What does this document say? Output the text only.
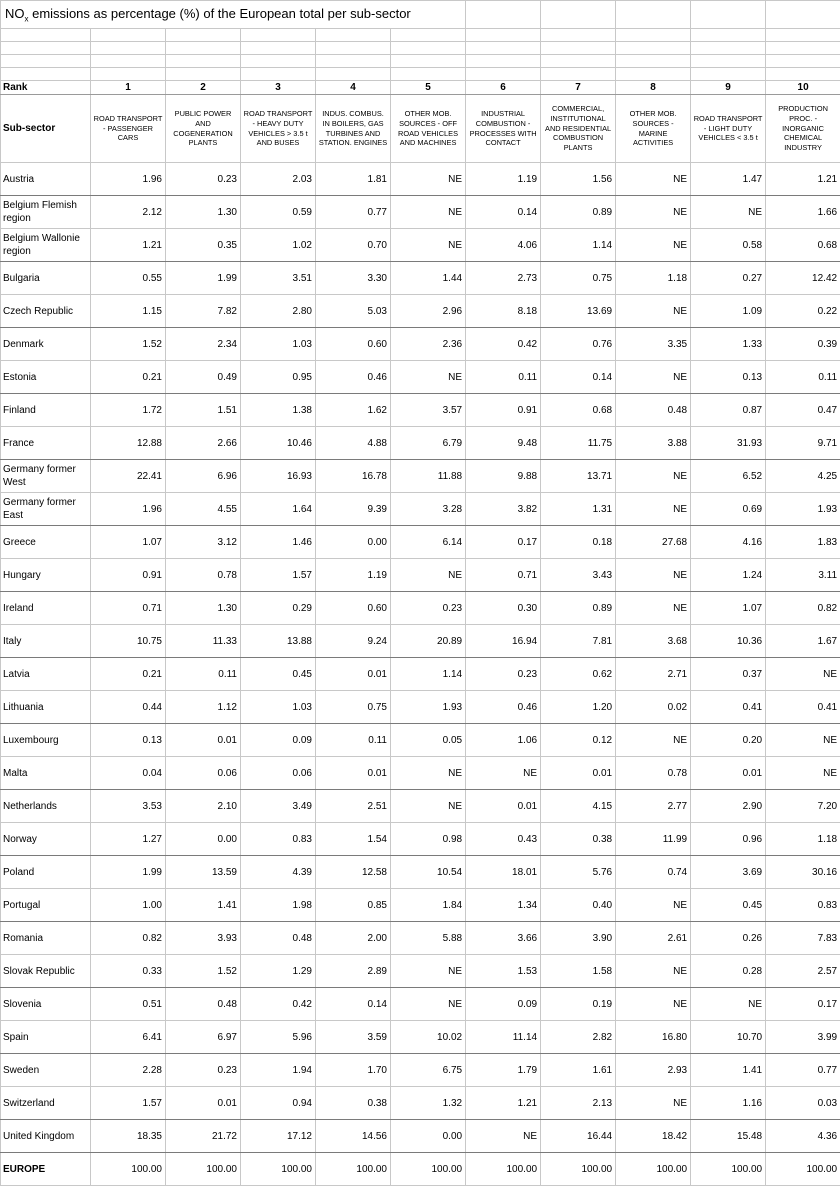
$NO_x$ emissions as percentage (%) of the European total per sub-sector										

Rank	1	2	3	4	5	6	7	8	9	10
Sub-sector	ROAD TRANSPORT - PASSENGER CARS	PUBLIC POWER AND COGENERATION PLANTS	ROAD TRANSPORT - HEAVY DUTY VEHICLES > 3.5 t AND BUSES	INDUS. COMBUS. IN BOILERS, GAS TURBINES AND STATION. ENGINES	OTHER MOB. SOURCES - OFF ROAD VEHICLES AND MACHINES	INDUSTRIAL COMBUSTION - PROCESSES WITH CONTACT	COMMERCIAL, INSTITUTIONAL AND RESIDENTIAL COMBUSTION PLANTS	OTHER MOB. SOURCES - MARINE ACTIVITIES	ROAD TRANSPORT - LIGHT DUTY VEHICLES < 3.5 t	PRODUCTION PROC. - INORGANIC CHEMICAL INDUSTRY
Austria	1.96	0.23	2.03	1.81	NE	1.19	1.56	NE	1.47	1.21
Belgium Flemish region	2.12	1.30	0.59	0.77	NE	0.14	0.89	NE	NE	1.66
Belgium Wallonie region	1.21	0.35	1.02	0.70	NE	4.06	1.14	NE	0.58	0.68
Bulgaria	0.55	1.99	3.51	3.30	1.44	2.73	0.75	1.18	0.27	12.42
Czech Republic	1.15	7.82	2.80	5.03	2.96	8.18	13.69	NE	1.09	0.22
Denmark	1.52	2.34	1.03	0.60	2.36	0.42	0.76	3.35	1.33	0.39
Estonia	0.21	0.49	0.95	0.46	NE	0.11	0.14	NE	0.13	0.11
Finland	1.72	1.51	1.38	1.62	3.57	0.91	0.68	0.48	0.87	0.47
France	12.88	2.66	10.46	4.88	6.79	9.48	11.75	3.88	31.93	9.71
Germany former West	22.41	6.96	16.93	16.78	11.88	9.88	13.71	NE	6.52	4.25
Germany former East	1.96	4.55	1.64	9.39	3.28	3.82	1.31	NE	0.69	1.93
Greece	1.07	3.12	1.46	0.00	6.14	0.17	0.18	27.68	4.16	1.83
Hungary	0.91	0.78	1.57	1.19	NE	0.71	3.43	NE	1.24	3.11
Ireland	0.71	1.30	0.29	0.60	0.23	0.30	0.89	NE	1.07	0.82
Italy	10.75	11.33	13.88	9.24	20.89	16.94	7.81	3.68	10.36	1.67
Latvia	0.21	0.11	0.45	0.01	1.14	0.23	0.62	2.71	0.37	NE
Lithuania	0.44	1.12	1.03	0.75	1.93	0.46	1.20	0.02	0.41	0.41
Luxembourg	0.13	0.01	0.09	0.11	0.05	1.06	0.12	NE	0.20	NE
Malta	0.04	0.06	0.06	0.01	NE	NE	0.01	0.78	0.01	NE
Netherlands	3.53	2.10	3.49	2.51	NE	0.01	4.15	2.77	2.90	7.20
Norway	1.27	0.00	0.83	1.54	0.98	0.43	0.38	11.99	0.96	1.18
Poland	1.99	13.59	4.39	12.58	10.54	18.01	5.76	0.74	3.69	30.16
Portugal	1.00	1.41	1.98	0.85	1.84	1.34	0.40	NE	0.45	0.83
Romania	0.82	3.93	0.48	2.00	5.88	3.66	3.90	2.61	0.26	7.83
Slovak Republic	0.33	1.52	1.29	2.89	NE	1.53	1.58	NE	0.28	2.57
Slovenia	0.51	0.48	0.42	0.14	NE	0.09	0.19	NE	NE	0.17
Spain	6.41	6.97	5.96	3.59	10.02	11.14	2.82	16.80	10.70	3.99
Sweden	2.28	0.23	1.94	1.70	6.75	1.79	1.61	2.93	1.41	0.77
Switzerland	1.57	0.01	0.94	0.38	1.32	1.21	2.13	NE	1.16	0.03
United Kingdom	18.35	21.72	17.12	14.56	0.00	NE	16.44	18.42	15.48	4.36
EUROPE	100.00	100.00	100.00	100.00	100.00	100.00	100.00	100.00	100.00	100.00
